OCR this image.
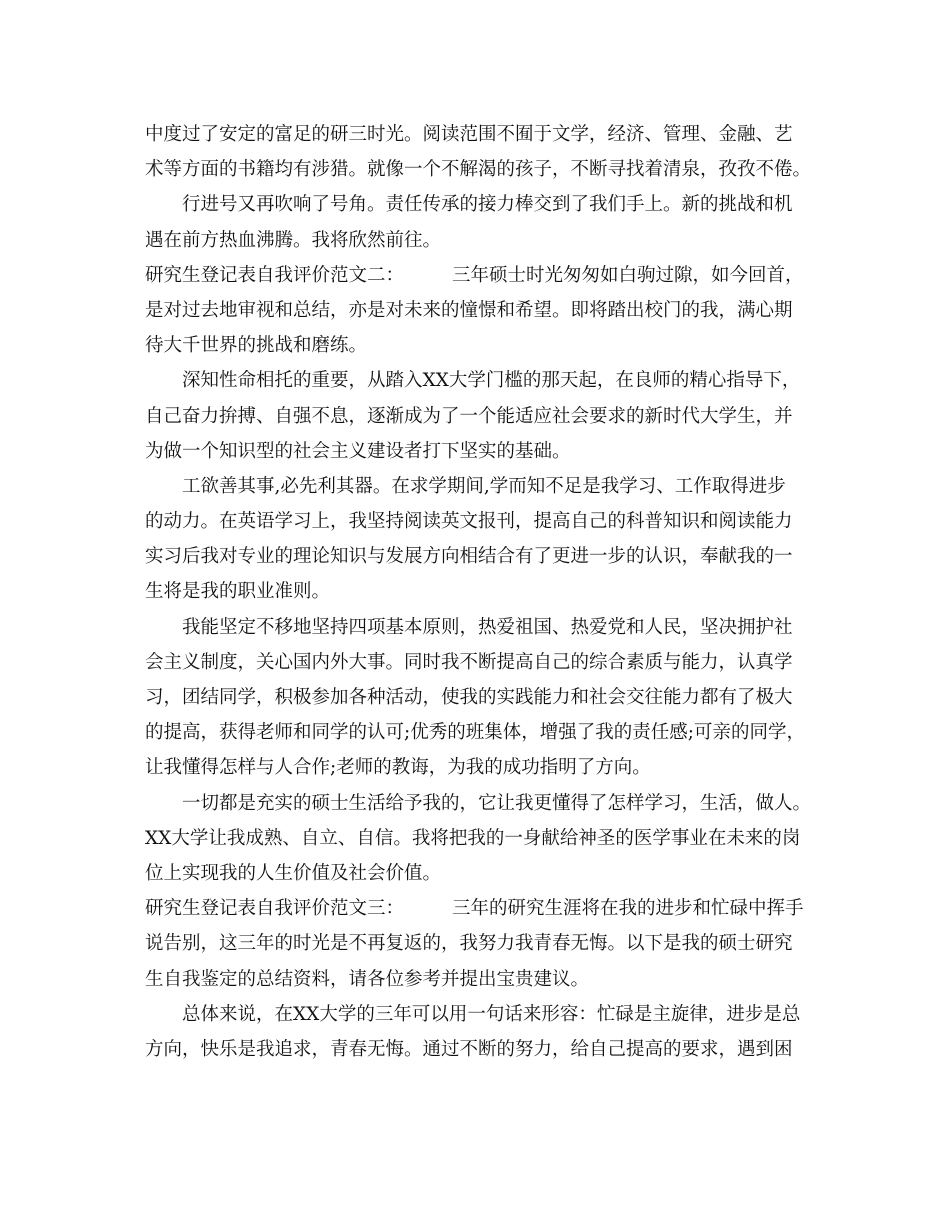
中度过了安定的富足的研三时光。阅读范围不囿于文学，经济、管理、金融、艺
术等方面的书籍均有涉猎。就像一个不解渴的孩子，不断寻找着清泉，孜孜不倦。
行进号又再吹响了号角。责任传承的接力棒交到了我们手上。新的挑战和机
遇在前方热血沸腾。我将欣然前往。
研究生登记表自我评价范文二：	三年硕士时光匆匆如白驹过隙，如今回首，
是对过去地审视和总结，亦是对未来的憧憬和希望。即将踏出校门的我，满心期
待大千世界的挑战和磨练。
深知性命相托的重要，从踏入XX大学门槛的那天起，在良师的精心指导下，
自己奋力拚搏、自强不息，逐渐成为了一个能适应社会要求的新时代大学生，并
为做一个知识型的社会主义建设者打下坚实的基础。
工欲善其事,必先利其器。在求学期间,学而知不足是我学习、工作取得进步
的动力。在英语学习上，我坚持阅读英文报刊，提高自己的科普知识和阅读能力
实习后我对专业的理论知识与发展方向相结合有了更进一步的认识，奉献我的一
生将是我的职业准则。
我能坚定不移地坚持四项基本原则，热爱祖国、热爱党和人民，坚决拥护社
会主义制度，关心国内外大事。同时我不断提高自己的综合素质与能力，认真学
习，团结同学，积极参加各种活动，使我的实践能力和社会交往能力都有了极大
的提高，获得老师和同学的认可;优秀的班集体，增强了我的责任感;可亲的同学，
让我懂得怎样与人合作;老师的教诲，为我的成功指明了方向。
一切都是充实的硕士生活给予我的，它让我更懂得了怎样学习，生活，做人。
XX大学让我成熟、自立、自信。我将把我的一身献给神圣的医学事业在未来的岗
位上实现我的人生价值及社会价值。
研究生登记表自我评价范文三：	三年的研究生涯将在我的进步和忙碌中挥手
说告别，这三年的时光是不再复返的，我努力我青春无悔。以下是我的硕士研究
生自我鉴定的总结资料，请各位参考并提出宝贵建议。
总体来说，在XX大学的三年可以用一句话来形容：忙碌是主旋律，进步是总
方向，快乐是我追求，青春无悔。通过不断的努力，给自己提高的要求，遇到困
